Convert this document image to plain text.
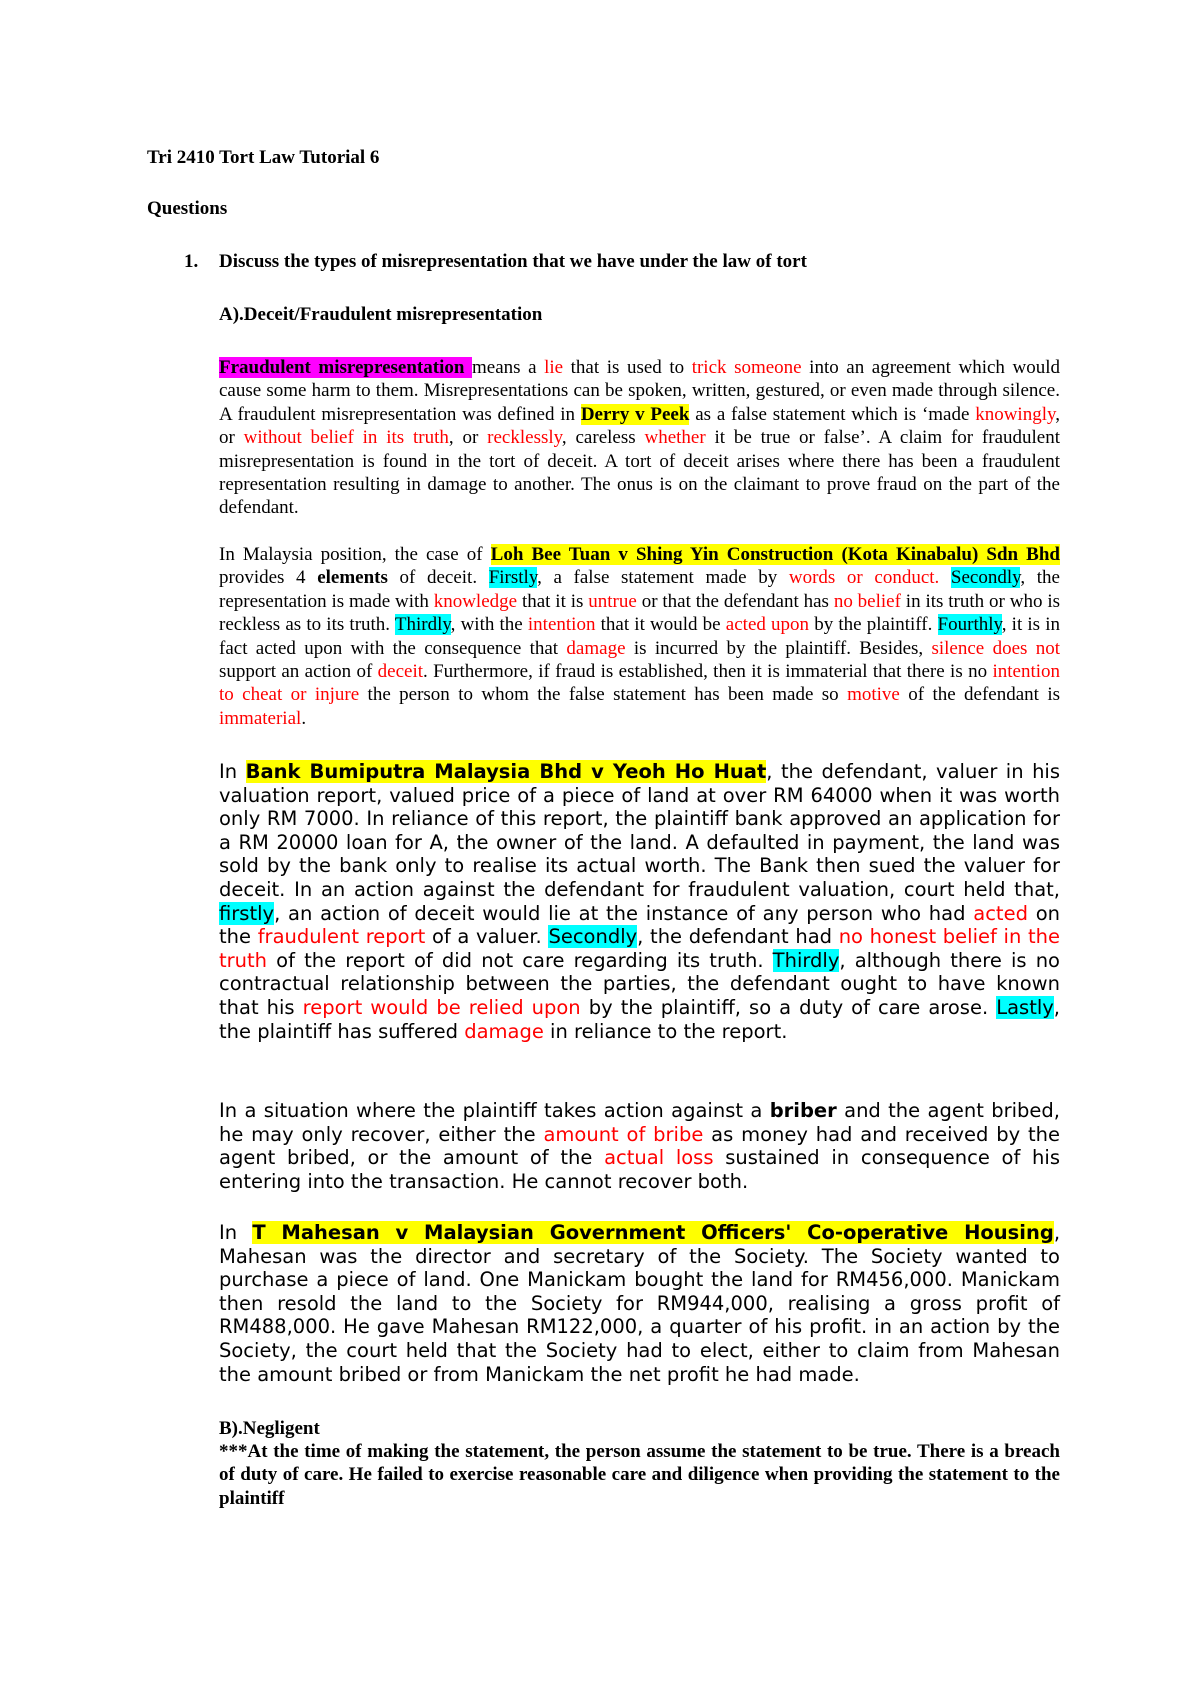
Tri 2410 Tort Law Tutorial 6
Questions
1. Discuss the types of misrepresentation that we have under the law of tort
A).Deceit/Fraudulent misrepresentation
Fraudulent misrepresentation means a lie that is used to trick someone into an agreement which would cause some harm to them. Misrepresentations can be spoken, written, gestured, or even made through silence. A fraudulent misrepresentation was defined in Derry v Peek as a false statement which is ‘made knowingly, or without belief in its truth, or recklessly, careless whether it be true or false’. A claim for fraudulent misrepresentation is found in the tort of deceit. A tort of deceit arises where there has been a fraudulent representation resulting in damage to another. The onus is on the claimant to prove fraud on the part of the defendant.
In Malaysia position, the case of Loh Bee Tuan v Shing Yin Construction (Kota Kinabalu) Sdn Bhd provides 4 elements of deceit. Firstly, a false statement made by words or conduct. Secondly, the representation is made with knowledge that it is untrue or that the defendant has no belief in its truth or who is reckless as to its truth. Thirdly, with the intention that it would be acted upon by the plaintiff. Fourthly, it is in fact acted upon with the consequence that damage is incurred by the plaintiff. Besides, silence does not support an action of deceit. Furthermore, if fraud is established, then it is immaterial that there is no intention to cheat or injure the person to whom the false statement has been made so motive of the defendant is immaterial.
In Bank Bumiputra Malaysia Bhd v Yeoh Ho Huat, the defendant, valuer in his valuation report, valued price of a piece of land at over RM 64000 when it was worth only RM 7000. In reliance of this report, the plaintiff bank approved an application for a RM 20000 loan for A, the owner of the land. A defaulted in payment, the land was sold by the bank only to realise its actual worth. The Bank then sued the valuer for deceit. In an action against the defendant for fraudulent valuation, court held that, firstly, an action of deceit would lie at the instance of any person who had acted on the fraudulent report of a valuer. Secondly, the defendant had no honest belief in the truth of the report of did not care regarding its truth. Thirdly, although there is no contractual relationship between the parties, the defendant ought to have known that his report would be relied upon by the plaintiff, so a duty of care arose. Lastly, the plaintiff has suffered damage in reliance to the report.
In a situation where the plaintiff takes action against a briber and the agent bribed, he may only recover, either the amount of bribe as money had and received by the agent bribed, or the amount of the actual loss sustained in consequence of his entering into the transaction. He cannot recover both.
In T Mahesan v Malaysian Government Officers' Co-operative Housing, Mahesan was the director and secretary of the Society. The Society wanted to purchase a piece of land. One Manickam bought the land for RM456,000. Manickam then resold the land to the Society for RM944,000, realising a gross profit of RM488,000. He gave Mahesan RM122,000, a quarter of his profit. in an action by the Society, the court held that the Society had to elect, either to claim from Mahesan the amount bribed or from Manickam the net profit he had made.
B).Negligent
***At the time of making the statement, the person assume the statement to be true. There is a breach of duty of care. He failed to exercise reasonable care and diligence when providing the statement to the plaintiff
